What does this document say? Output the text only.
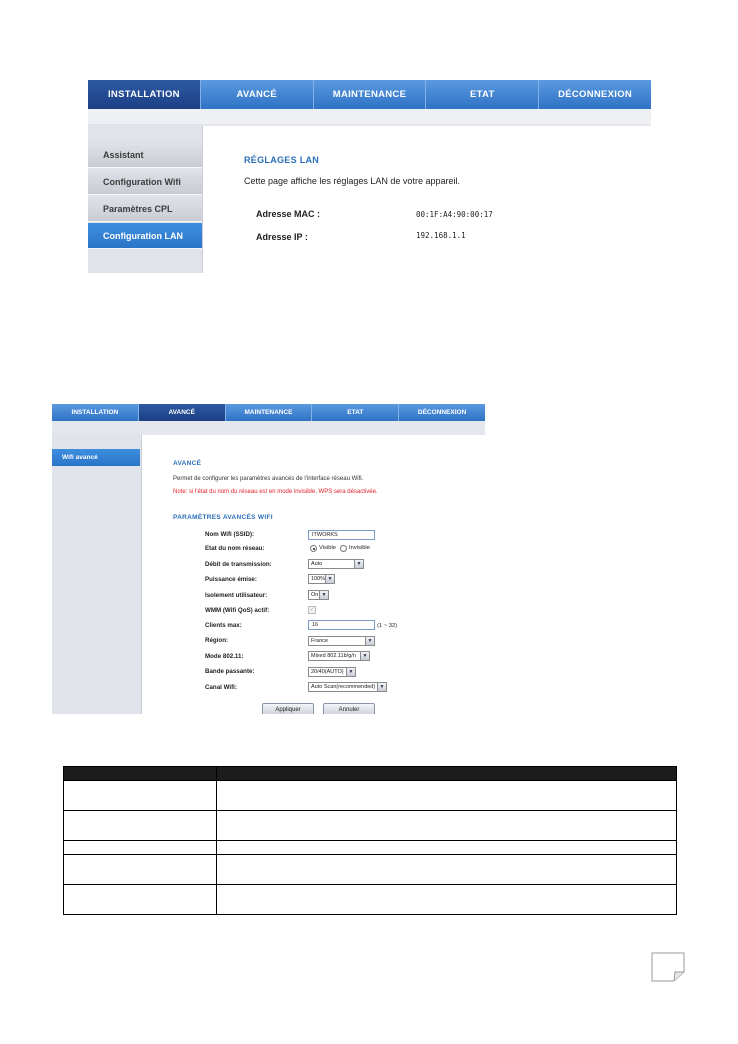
INSTALLATION	AVANCÉ	MAINTENANCE	ETAT	DÉCONNEXION
Assistant
Configuration Wifi
Paramètres CPL
Configuration LAN
RÉGLAGES LAN
Cette page affiche les réglages LAN de votre appareil.
Adresse MAC :	00:1F:A4:90:00:17
Adresse IP :	192.168.1.1
INSTALLATION	AVANCÉ	MAINTENANCE	ETAT	DÉCONNEXION
Wifi avancé
AVANCÉ
Permet de configurer les paramètres avancés de l'interface réseau Wifi.
Note: si l'état du nom du réseau est en mode invisible, WPS sera désactivée.
PARAMÈTRES AVANCÉS WIFI
Nom Wifi (SSID):	ITWORKS
Etat du nom réseau:	Visible Invisible
Débit de transmission:	Auto	▼
Puissance émise:	100% ▼
Isolement utilisateur:	On ▼
WMM (Wifi QoS) actif:	✓
Clients max:	16	(1 ~ 32)
Région:	France	▼
Mode 802.11:	Mixed 802.11b/g/n	▼
Bande passante:	20/40(AUTO) ▼
Canal Wifi:	Auto Scan(recommended) ▼
Appliquer	Annuler
